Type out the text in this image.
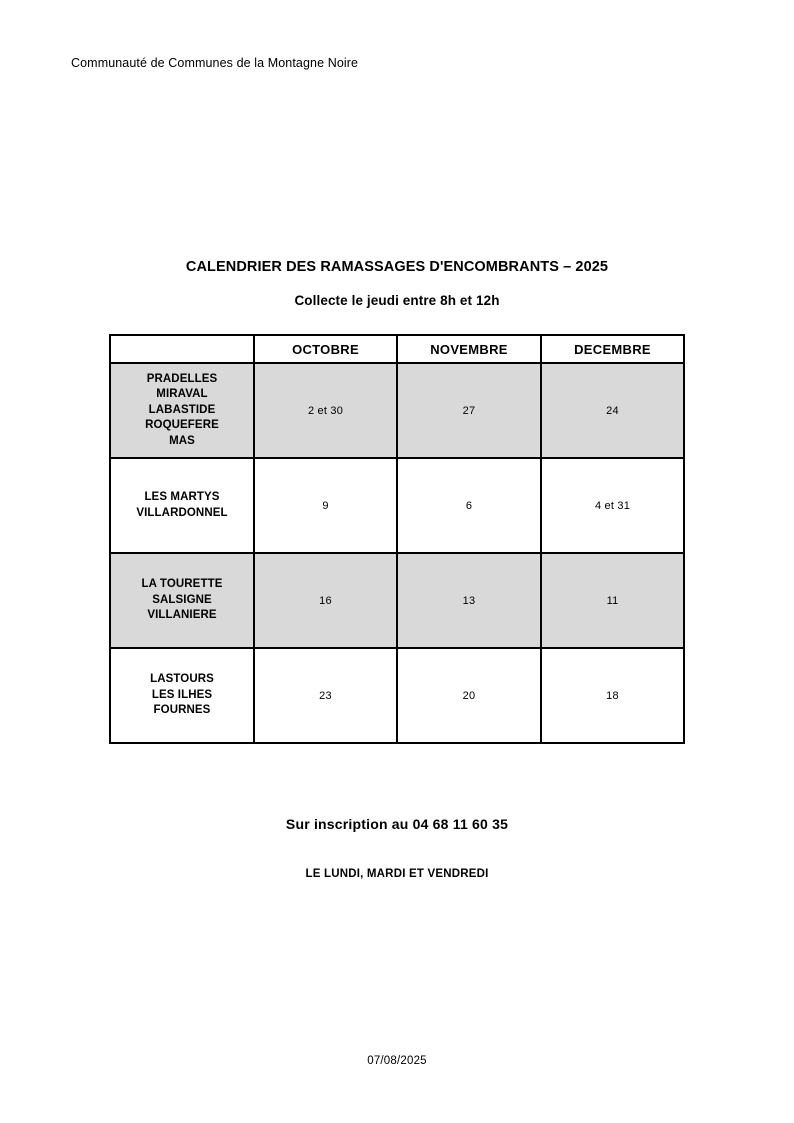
Communauté de Communes de la Montagne Noire
CALENDRIER DES RAMASSAGES D'ENCOMBRANTS – 2025
Collecte le jeudi entre 8h et 12h
	OCTOBRE	NOVEMBRE	DECEMBRE

PRADELLES
MIRAVAL
LABASTIDE
ROQUEFERE
MAS	2 et 30	27	24

LES MARTYS
VILLARDONNEL	9	6	4 et 31

LA TOURETTE
SALSIGNE
VILLANIERE	16	13	11

LASTOURS
LES ILHES
FOURNES	23	20	18

Sur inscription au 04 68 11 60 35

LE LUNDI, MARDI ET VENDREDI

07/08/2025
